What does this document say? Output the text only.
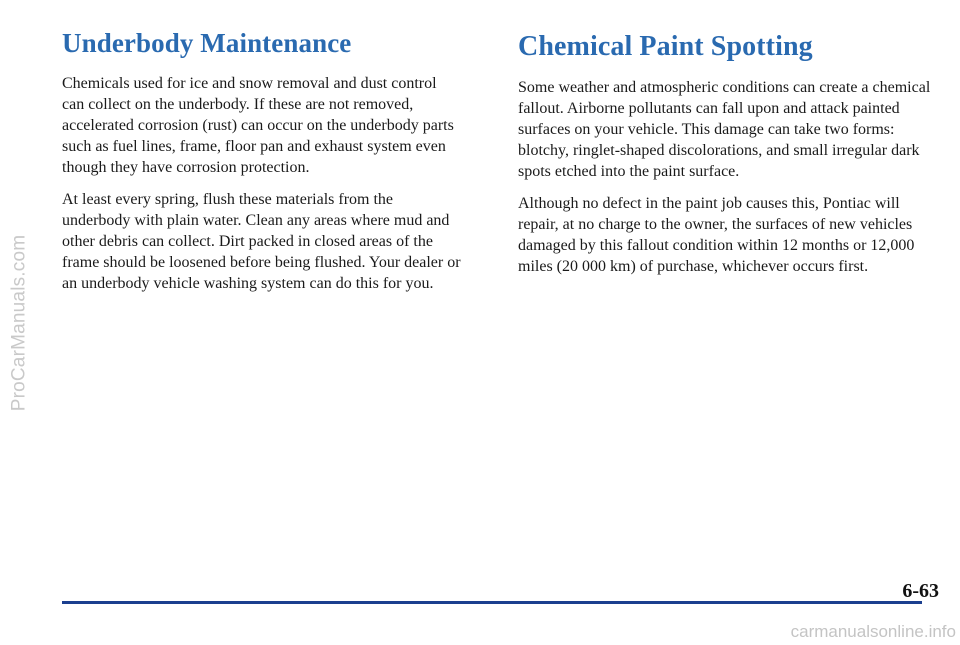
ProCarManuals.com
Underbody Maintenance

Chemicals used for ice and snow removal and dust control can collect on the underbody. If these are not removed, accelerated corrosion (rust) can occur on the underbody parts such as fuel lines, frame, floor pan and exhaust system even though they have corrosion protection.

At least every spring, flush these materials from the underbody with plain water. Clean any areas where mud and other debris can collect. Dirt packed in closed areas of the frame should be loosened before being flushed. Your dealer or an underbody vehicle washing system can do this for you.

Chemical Paint Spotting

Some weather and atmospheric conditions can create a chemical fallout. Airborne pollutants can fall upon and attack painted surfaces on your vehicle. This damage can take two forms: blotchy, ringlet-shaped discolorations, and small irregular dark spots etched into the paint surface.

Although no defect in the paint job causes this, Pontiac will repair, at no charge to the owner, the surfaces of new vehicles damaged by this fallout condition within 12 months or 12,000 miles (20 000 km) of purchase, whichever occurs first.

6-63
carmanualsonline.info
